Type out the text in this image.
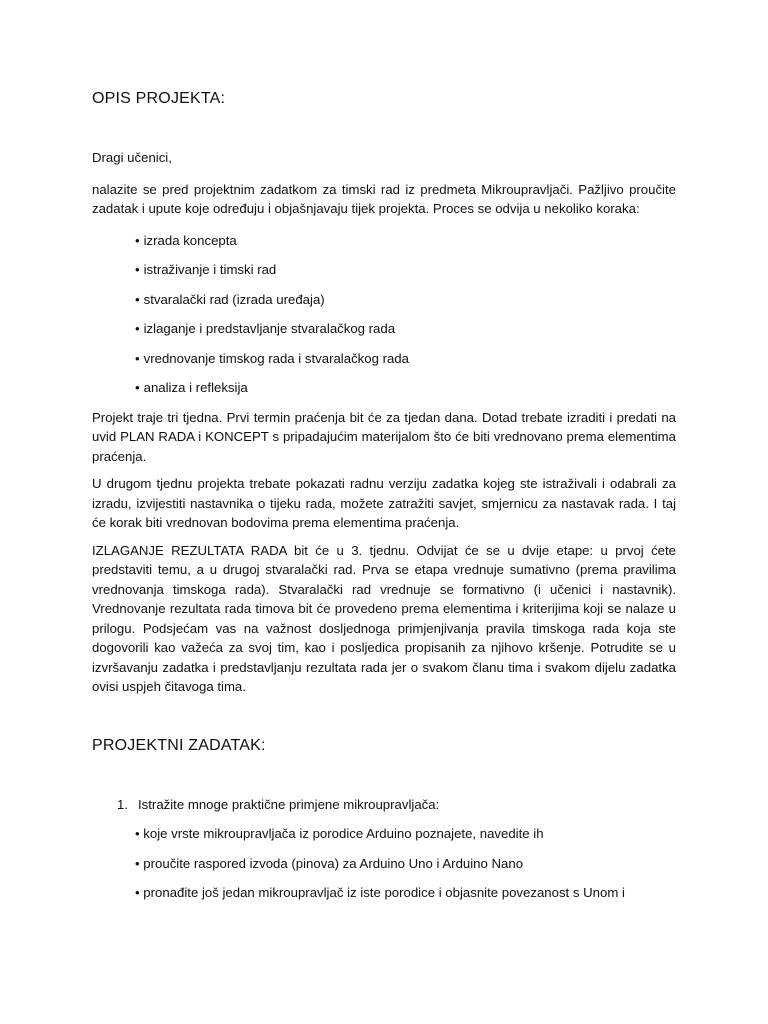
OPIS PROJEKTA:

Dragi učenici,

nalazite se pred projektnim zadatkom za timski rad iz predmeta Mikroupravljači. Pažljivo proučite zadatak i upute koje određuju i objašnjavaju tijek projekta. Proces se odvija u nekoliko koraka:

• izrada koncepta
• istraživanje i timski rad
• stvaralački rad (izrada uređaja)
• izlaganje i predstavljanje stvaralačkog rada
• vrednovanje timskog rada i stvaralačkog rada
• analiza i refleksija

Projekt traje tri tjedna. Prvi termin praćenja bit će za tjedan dana. Dotad trebate izraditi i predati na uvid PLAN RADA i KONCEPT s pripadajućim materijalom što će biti vrednovano prema elementima praćenja.

U drugom tjednu projekta trebate pokazati radnu verziju zadatka kojeg ste istraživali i odabrali za izradu, izvijestiti nastavnika o tijeku rada, možete zatražiti savjet, smjernicu za nastavak rada. I taj će korak biti vrednovan bodovima prema elementima praćenja.

IZLAGANJE REZULTATA RADA bit će u 3. tjednu. Odvijat će se u dvije etape: u prvoj ćete predstaviti temu, a u drugoj stvaralački rad. Prva se etapa vrednuje sumativno (prema pravilima vrednovanja timskoga rada). Stvaralački rad vrednuje se formativno (i učenici i nastavnik). Vrednovanje rezultata rada timova bit će provedeno prema elementima i kriterijima koji se nalaze u prilogu. Podsjećam vas na važnost dosljednoga primjenjivanja pravila timskoga rada koja ste dogovorili kao važeća za svoj tim, kao i posljedica propisanih za njihovo kršenje. Potrudite se u izvršavanju zadatka i predstavljanju rezultata rada jer o svakom članu tima i svakom dijelu zadatka ovisi uspjeh čitavoga tima.

PROJEKTNI ZADATAK:
1. Istražite mnoge praktične primjene mikroupravljača:
• koje vrste mikroupravljača iz porodice Arduino poznajete, navedite ih
• proučite raspored izvoda (pinova) za Arduino Uno i Arduino Nano
• pronađite još jedan mikroupravljač iz iste porodice i objasnite povezanost s Unom i
